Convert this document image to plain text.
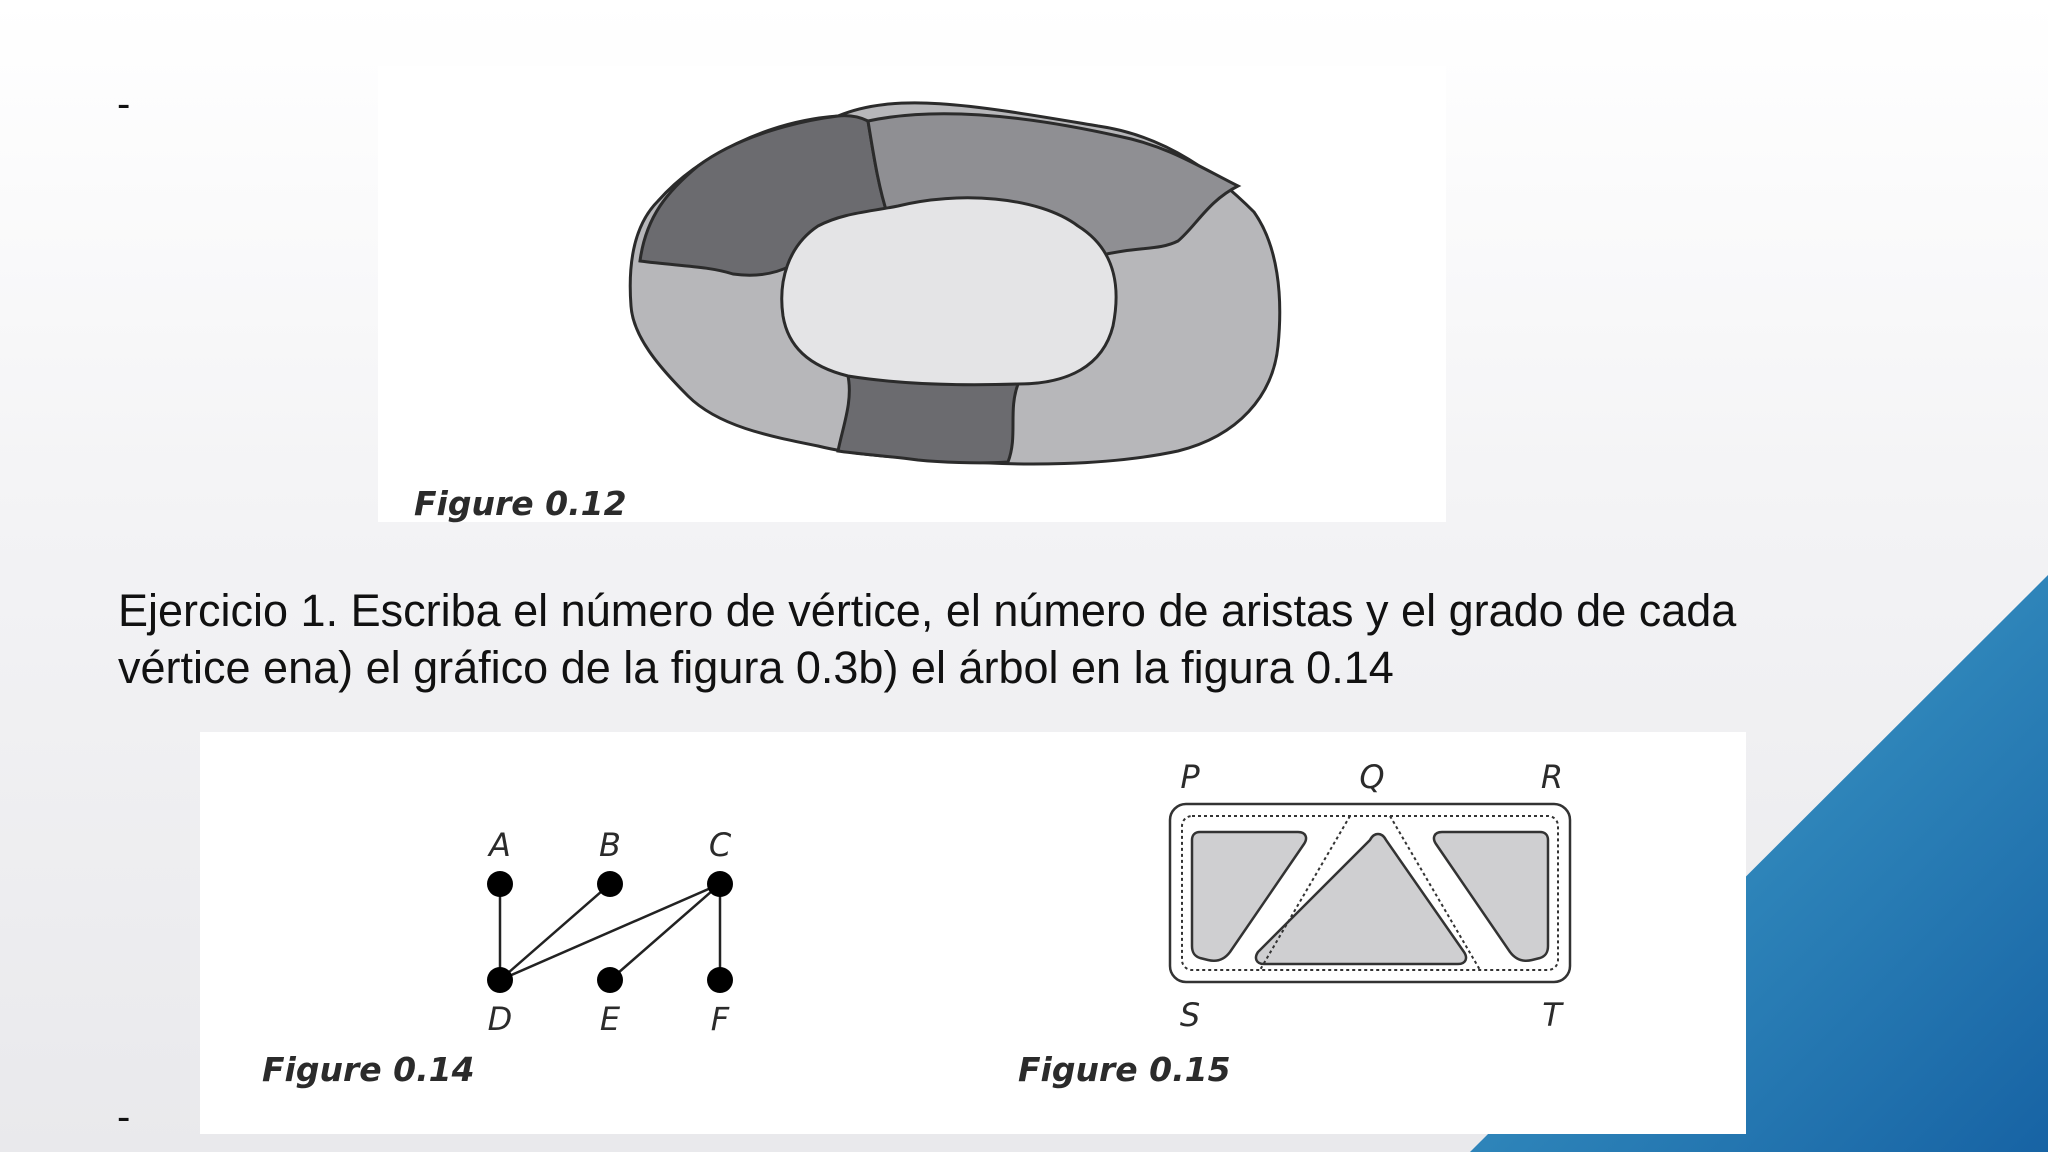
-
Figure 0.12
Ejercicio 1. Escriba el número de vértice, el número de aristas y el grado de cada
vértice ena) el gráfico de la figura 0.3b) el árbol en la figura 0.14
A	B	C
D	E	F
P	Q	R
S	T
Figure 0.14	Figure 0.15
-
